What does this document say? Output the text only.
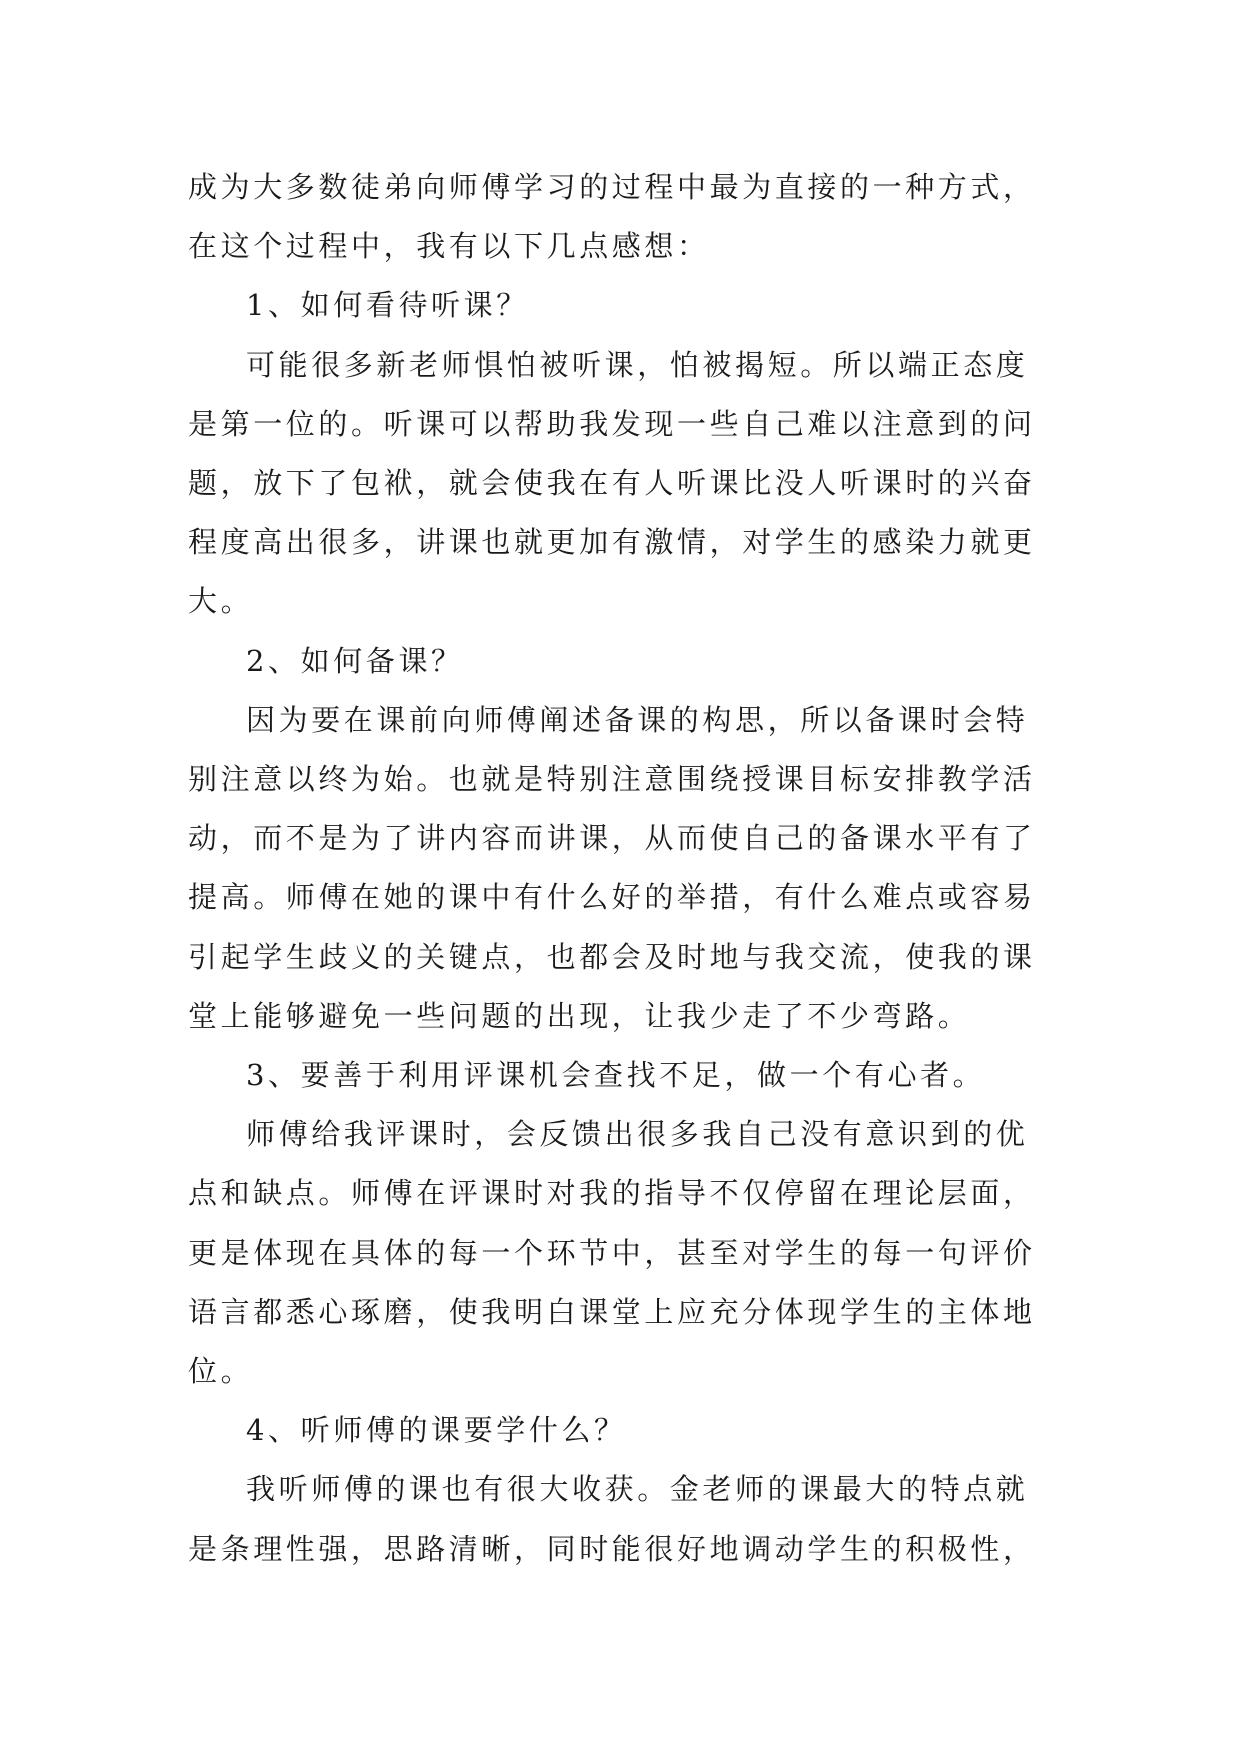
成为大多数徒弟向师傅学习的过程中最为直接的一种方式，
在这个过程中，我有以下几点感想：

1、如何看待听课？

可能很多新老师惧怕被听课，怕被揭短。所以端正态度
是第一位的。听课可以帮助我发现一些自己难以注意到的问
题，放下了包袱，就会使我在有人听课比没人听课时的兴奋
程度高出很多，讲课也就更加有激情，对学生的感染力就更
大。

2、如何备课？

因为要在课前向师傅阐述备课的构思，所以备课时会特
别注意以终为始。也就是特别注意围绕授课目标安排教学活
动，而不是为了讲内容而讲课，从而使自己的备课水平有了
提高。师傅在她的课中有什么好的举措，有什么难点或容易
引起学生歧义的关键点，也都会及时地与我交流，使我的课
堂上能够避免一些问题的出现，让我少走了不少弯路。

3、要善于利用评课机会查找不足，做一个有心者。

师傅给我评课时，会反馈出很多我自己没有意识到的优
点和缺点。师傅在评课时对我的指导不仅停留在理论层面，
更是体现在具体的每一个环节中，甚至对学生的每一句评价
语言都悉心琢磨，使我明白课堂上应充分体现学生的主体地
位。

4、听师傅的课要学什么？

我听师傅的课也有很大收获。金老师的课最大的特点就
是条理性强，思路清晰，同时能很好地调动学生的积极性，
